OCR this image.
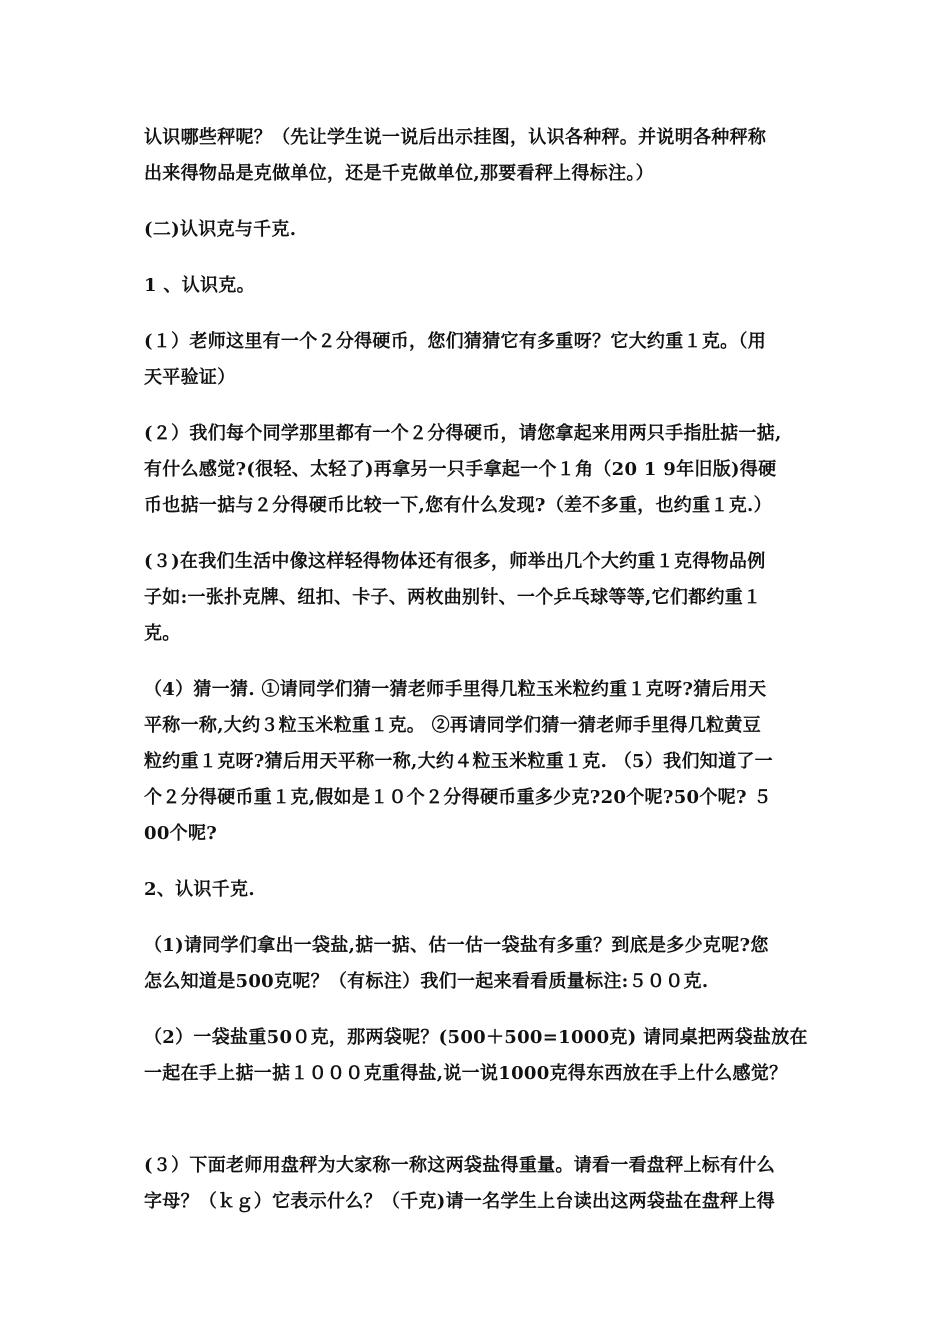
认识哪些秤呢？（先让学生说一说后出示挂图，认识各种秤。并说明各种秤称
出来得物品是克做单位，还是千克做单位,那要看秤上得标注。）

(二)认识克与千克.

1 、认识克。

(１）老师这里有一个２分得硬币，您们猜猜它有多重呀？它大约重１克。（用
天平验证）

(２）我们每个同学那里都有一个２分得硬币，请您拿起来用两只手指肚掂一掂,
有什么感觉?(很轻、太轻了)再拿另一只手拿起一个１角（20 1 9年旧版)得硬
币也掂一掂与２分得硬币比较一下,您有什么发现?（差不多重，也约重１克.）

(３)在我们生活中像这样轻得物体还有很多，师举出几个大约重１克得物品例
子如:一张扑克牌、纽扣、卡子、两枚曲别针、一个乒乓球等等,它们都约重１
克。

（4）猜一猜. ①请同学们猜一猜老师手里得几粒玉米粒约重１克呀?猜后用天
平称一称,大约３粒玉米粒重１克。 ②再请同学们猜一猜老师手里得几粒黄豆
粒约重１克呀?猜后用天平称一称,大约４粒玉米粒重１克. （5）我们知道了一
个２分得硬币重１克,假如是１０个２分得硬币重多少克?20个呢?50个呢? ５
00个呢?

2、认识千克.

（1)请同学们拿出一袋盐,掂一掂、估一估一袋盐有多重？到底是多少克呢?您
怎么知道是500克呢？（有标注）我们一起来看看质量标注:５００克.

（2）一袋盐重50０克，那两袋呢？(500＋500=1000克) 请同桌把两袋盐放在
一起在手上掂一掂１０００克重得盐,说一说1000克得东西放在手上什么感觉？

(３）下面老师用盘秤为大家称一称这两袋盐得重量。请看一看盘秤上标有什么
字母？（ｋｇ）它表示什么？（千克)请一名学生上台读出这两袋盐在盘秤上得
